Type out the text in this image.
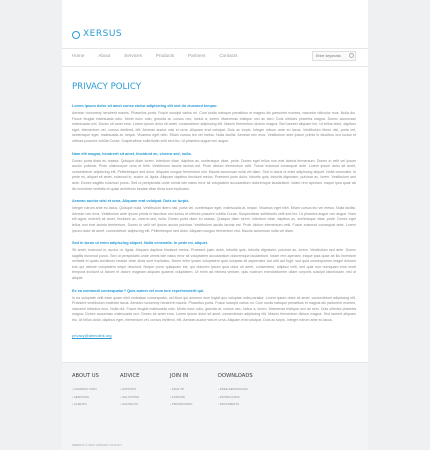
XERSUS
Home	About	Services	Products	Partners	Contacts
Enter keywords
PRIVACY POLICY
Lorem ipsum dolor sit amet conse ctetur adipisicing elit sed do eiusmod tempor.

Aenean nonummy hendrerit mauris. Phasellus porta. Fusce suscipit varius mi. Cum sociis natoque penatibus et magnis dis parturient montes, nascetur ridiculus mus. Nulla dui. Fusce feugiat malesuada odio. Morbi nunc odio, gravida at, cursus nec, luctus a, lorem. Maecenas tristique orci ac sem. Duis ultricies pharetra magna. Donec accumsan malesuada orci. Donec sit amet eros. Lorem ipsum dolor sit amet, consectetuer adipiscing elit. Mauris fermentum dictum magna. Sed laoreet aliquam leo. Ut tellus dolor, dapibus eget, elementum vel, cursus eleifend, elit. Aenean auctor wisi et urna. Aliquam erat volutpat. Duis ac turpis. Integer rutrum ante eu lacus. Vestibulum libero nisl, porta vel, scelerisque eget, malesuada at, neque. Vivamus eget nibh. Etiam cursus leo vel metus. Nulla facilisi. Aenean nec eros. Vestibulum ante ipsum primis in faucibus orci luctus et ultrices posuere cubilia Curae; Suspendisse sollicitudin velit sed leo. Ut pharetra augue nec augue.

Nam elit magna, hendrerit sit amet, tincidunt ac, viverra sed, nulla.

Donec porta diam eu massa. Quisque diam lorem, interdum vitae, dapibus ac, scelerisque vitae, pede. Donec eget tellus non erat lacinia fermentum. Donec in velit vel ipsum auctor pulvinar. Proin ullamcorper urna et felis. Vestibulum iaculis lacinia est. Proin dictum elementum velit. Fusce euismod consequat ante. Lorem ipsum dolor sit amet, consectetuer adipiscing elit. Pellentesque sed dolor. Aliquam congue fermentum nisl. Mauris accumsan nulla vel diam. Sed in lacus ut enim adipiscing aliquet. Nulla venenatis. In pede mi, aliquet sit amet, euismod in, auctor ut, ligula. Aliquam dapibus tincidunt metus. Praesent justo dolor, lobortis quis, lobortis dignissim, pulvinar ac, lorem. Vestibulum sed ante. Donec sagittis euismod purus. Sed ut perspiciatis unde omnis iste natus error sit voluptatem accusantium doloremque laudantium, totam rem aperiam, eaque ipsa quae ab illo inventore veritatis et quasi architecto beatae vitae dicta sunt explicabo.

Aenean auctor wisi et urna. Aliquam erat volutpat. Duis ac turpis.

Integer rutrum ante eu lacus. Quisque nulla. Vestibulum libero nisl, porta vel, scelerisque eget, malesuada at, neque. Vivamus eget nibh. Etiam cursus leo vel metus. Nulla facilisi. Aenean nec eros. Vestibulum ante ipsum primis in faucibus orci luctus et ultrices posuere cubilia Curae; Suspendisse sollicitudin velit sed leo. Ut pharetra augue nec augue. Nam elit agna, endrerit sit amet, tincidunt ac, viverra sed, nulla. Donec porta diam eu massa. Quisque diam lorem, interdum vitae, dapibus ac, scelerisque vitae, pede. Donec eget tellus non erat lacinia fermentum. Donec in velit vel ipsum auctor pulvinar. Vestibulum iaculis lacinia est. Proin dictum elementum velit. Fusce euismod consequat ante. Lorem ipsum dolor sit amet, consectetuer adipiscing elit. Pellentesque sed dolor. Aliquam congue fermentum nisl. Mauris accumsan nulla vel diam.

Sed in lacus ut enim adipiscing aliquet. Nulla venenatis. In pede mi, aliquet.

Sit amet, euismod in, auctor ut, ligula. Aliquam dapibus tincidunt metus. Praesent justo dolor, lobortis quis, lobortis dignissim, pulvinar ac, lorem. Vestibulum sed ante. Donec sagittis euismod purus. Sed ut perspiciatis unde omnis iste natus error sit voluptatem accusantium doloremque laudantium, totam rem aperiam, eaque ipsa quae ab illo inventore veritatis et quasi architecto beatae vitae dicta sunt explicabo. Nemo enim ipsam voluptatem quia voluptas sit aspernatur aut odit aut fugit, sed quia consequuntur magni dolores eos qui ratione voluptatem sequi nesciunt. Neque porro quisquam est, qui dolorem ipsum quia dolor sit amet, consectetur, adipisci velit, sed quia non numquam eius modi tempora incidunt ut labore et dolore magnam aliquam quaerat voluptatem. Ut enim ad minima veniam, quis nostrum exercitationem ullam corporis suscipit laboriosam, nisi ut aliquid.

Ex ea commodi consequatur? Quis autem vel eum iure reprehenderit qui.

In ea voluptate velit esse quam nihil molestiae consequatur, vel illum qui dolorem eum fugiat quo voluptas nulla pariatur. Lorem ipsum dolor sit amet, consectetuer adipiscing elit. Praesent vestibulum molestie lacus. Aenean nonummy hendrerit mauris. Phasellus porta. Fusce suscipit varius mi. Cum sociis natoque penatibus et magnis dis parturient montes, nascetur ridiculus mus. Nulla dui. Fusce feugiat malesuada odio. Morbi nunc odio, gravida at, cursus nec, luctus a, lorem. Maecenas tristique orci ac sem. Duis ultricies pharetra magna. Donec accumsan malesuada orci. Donec sit amet eros. Lorem ipsum dolor sit amet, consectetuer adipiscing elit. Mauris fermentum dictum magna. Sed laoreet aliquam leo. Ut tellus dolor, dapibus eget, elementum vel, cursus eleifend, elit. Aenean auctor wisi et urna. Aliquam erat volutpat. Duis ac turpis. Integer rutrum ante eu lacus.

privacy@demolink.org
ABOUT US
› COMPANY INFO
› SERVICES
› CLIENTS
ADVICE
› SUPPORT
› SOLUTIONS
› CONTACTS
JOIN IN
› SIGN UP
› FORUMS
› PROMOTIONS
DOWNLOADS
› FREE RESOURCES
› DOWNLOADS
› DOCUMENTS
XERSUS © 2013 | PRIVACY POLICY
